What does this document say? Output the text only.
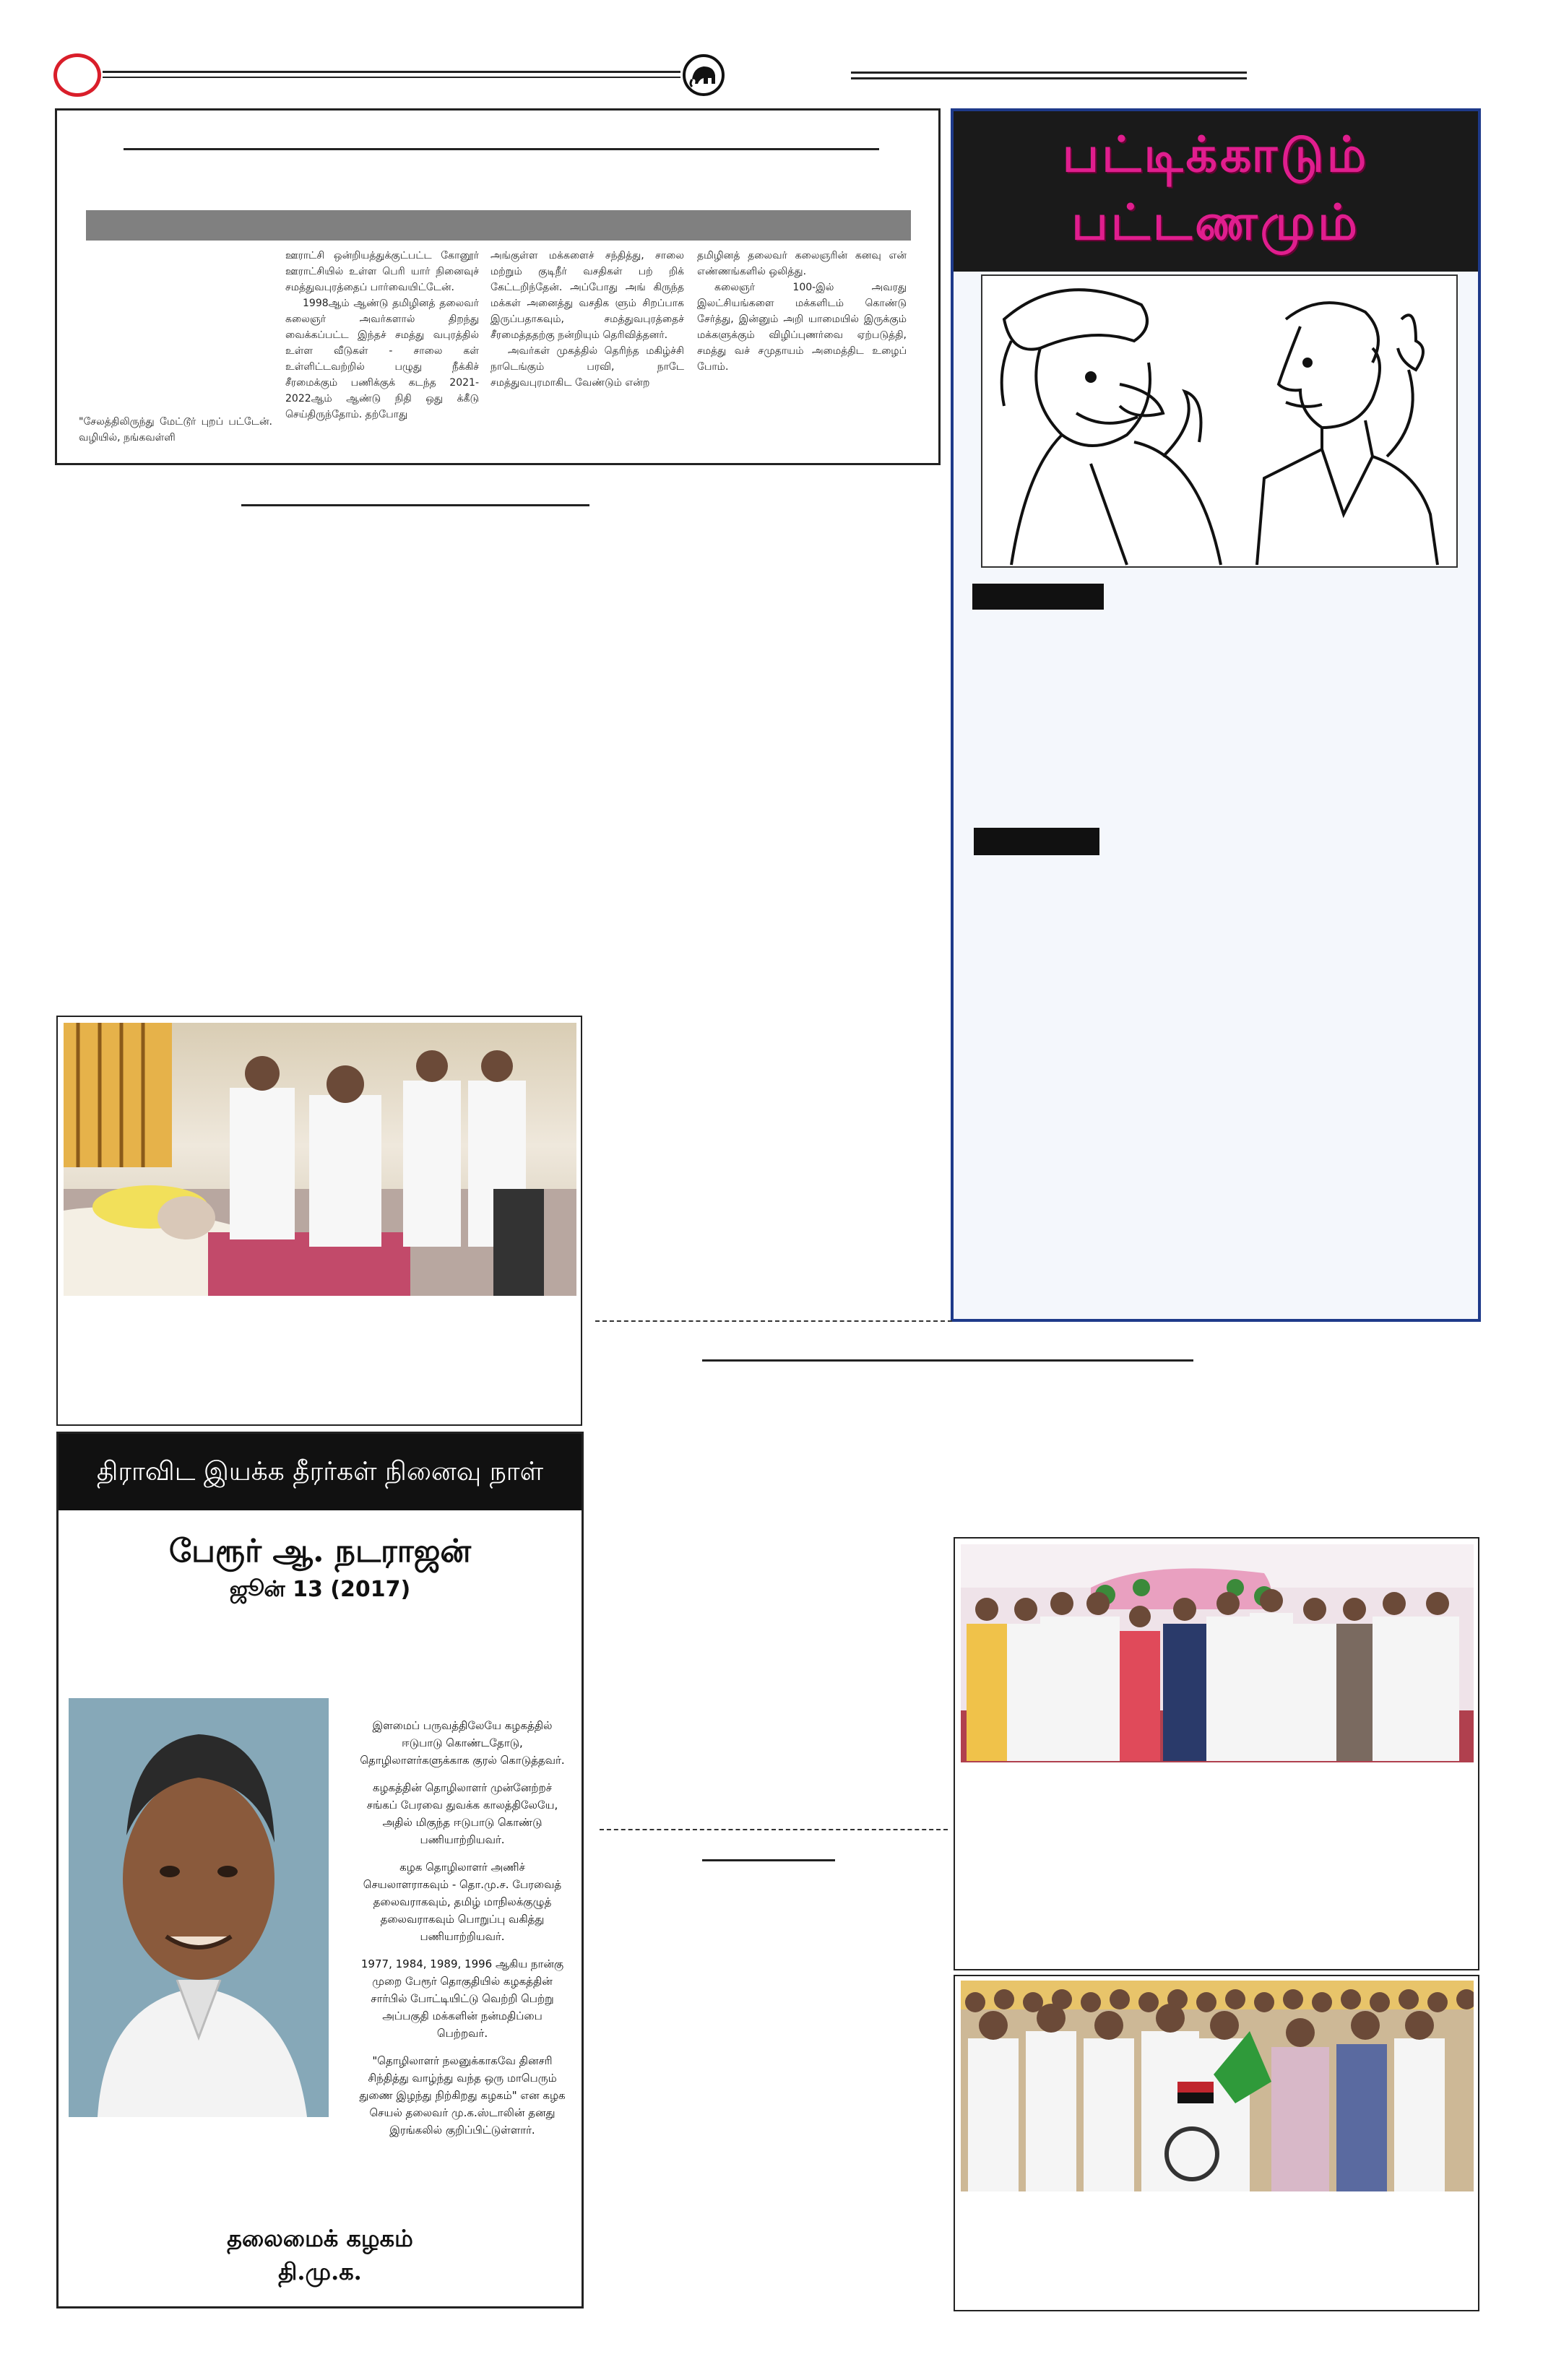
"சேலத்திலிருந்து மேட்டூர் புறப் பட்டேன். வழியில், நங்கவள்ளி
ஊராட்சி ஒன்றியத்துக்குட்பட்ட கோனூர் ஊராட்சியில் உள்ள பெரி யார் நினைவுச் சமத்துவபுரத்தைப் பார்வையிட்டேன்.
1998ஆம் ஆண்டு தமிழினத் தலைவர் கலைஞர் அவர்களால் திறந்து வைக்கப்பட்ட இந்தச் சமத்து வபுரத்தில் உள்ள வீடுகள் - சாலை கள் உள்ளிட்டவற்றில் பழுது நீக்கிச் சீரமைக்கும் பணிக்குக் கடந்த 2021-2022ஆம் ஆண்டு நிதி ஒது க்கீடு செய்திருந்தோம். தற்போது
அங்குள்ள மக்களைச் சந்தித்து, சாலை மற்றும் குடிநீர் வசதிகள் பற் றிக் கேட்டறிந்தேன். அப்போது அங் கிருந்த மக்கள் அனைத்து வசதிக ளும் சிறப்பாக இருப்பதாகவும், சமத்துவபுரத்தைச் சீரமைத்ததற்கு நன்றியும் தெரிவித்தனர்.
அவர்கள் முகத்தில் தெரிந்த மகிழ்ச்சி நாடெங்கும் பரவி, நாடே சமத்துவபுரமாகிட வேண்டும் என்ற
தமிழினத் தலைவர் கலைஞரின் கனவு என் எண்ணங்களில் ஒலித்து.
கலைஞர் 100-இல் அவரது இலட்சியங்களை மக்களிடம் கொண்டு சேர்த்து, இன்னும் அறி யாமையில் இருக்கும் மக்களுக்கும் விழிப்புணர்வை ஏற்படுத்தி, சமத்து வச் சமுதாயம் அமைத்திட உழைப் போம்.
பட்டிக்காடும்
பட்டணமும்
திராவிட இயக்க தீரர்கள் நினைவு நாள்
பேரூர் ஆ. நடராஜன்
ஜூன் 13 (2017)

இளமைப் பருவத்திலேயே கழகத்தில் ஈடுபாடு கொண்டதோடு, தொழிலாளர்களுக்காக குரல் கொடுத்தவர்.

கழகத்தின் தொழிலாளர் முன்னேற்றச் சங்கப் பேரவை துவக்க காலத்திலேயே, அதில் மிகுந்த ஈடுபாடு கொண்டு பணியாற்றியவர்.

கழக தொழிலாளர் அணிச் செயலாளராகவும் - தொ.மு.ச. பேரவைத் தலைவராகவும், தமிழ் மாநிலக்குழுத் தலைவராகவும் பொறுப்பு வகித்து பணியாற்றியவர்.

1977, 1984, 1989, 1996 ஆகிய நான்கு முறை பேரூர் தொகுதியில் கழகத்தின் சார்பில் போட்டியிட்டு வெற்றி பெற்று அப்பகுதி மக்களின் நன்மதிப்பை பெற்றவர்.

"தொழிலாளர் நலனுக்காகவே தினசரி சிந்தித்து வாழ்ந்து வந்த ஒரு மாபெரும் துணை இழந்து நிற்கிறது கழகம்" என கழக செயல் தலைவர் மு.க.ஸ்டாலின் தனது இரங்கலில் குறிப்பிட்டுள்ளார்.

தலைமைக் கழகம்
தி.மு.க.
